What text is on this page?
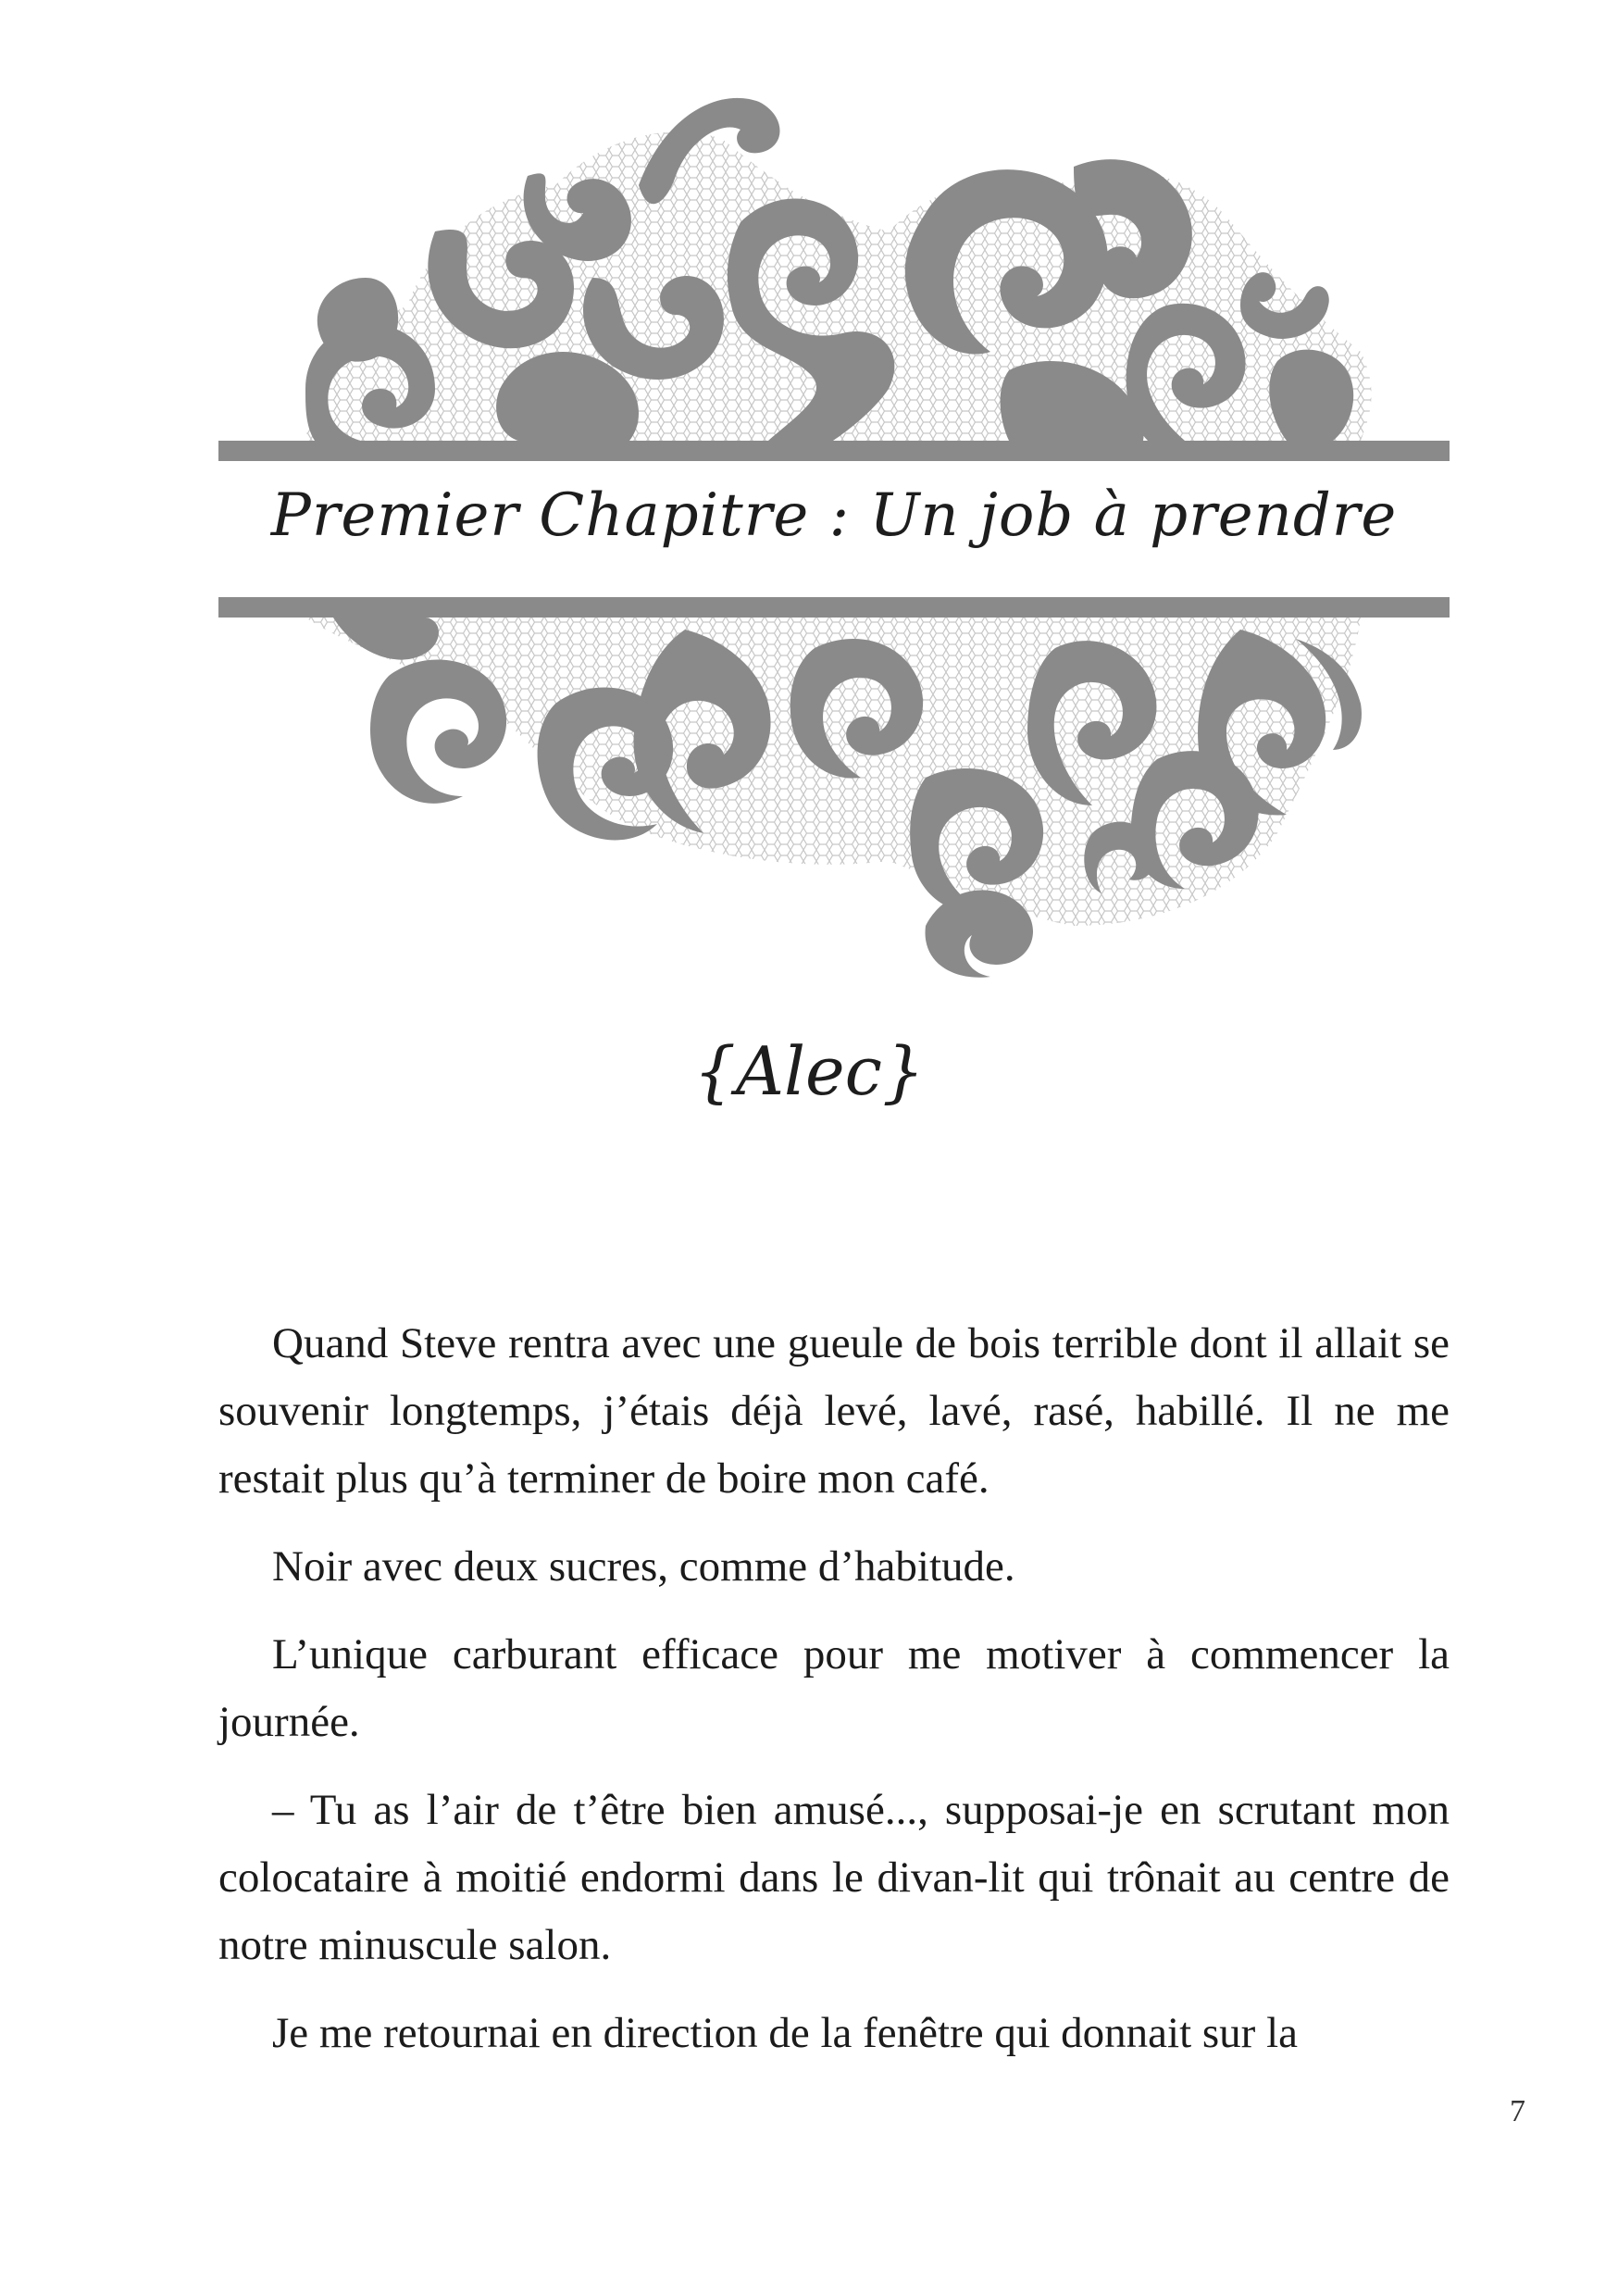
Premier Chapitre : Un job à prendre
{Alec}

Quand Steve rentra avec une gueule de bois terrible dont il allait se souvenir longtemps, j’étais déjà levé, lavé, rasé, habillé. Il ne me restait plus qu’à terminer de boire mon café.

Noir avec deux sucres, comme d’habitude.

L’unique carburant efficace pour me motiver à commencer la journée.

– Tu as l’air de t’être bien amusé..., supposai-je en scrutant mon colocataire à moitié endormi dans le divan-lit qui trônait au centre de notre minuscule salon.

Je me retournai en direction de la fenêtre qui donnait sur la

7
